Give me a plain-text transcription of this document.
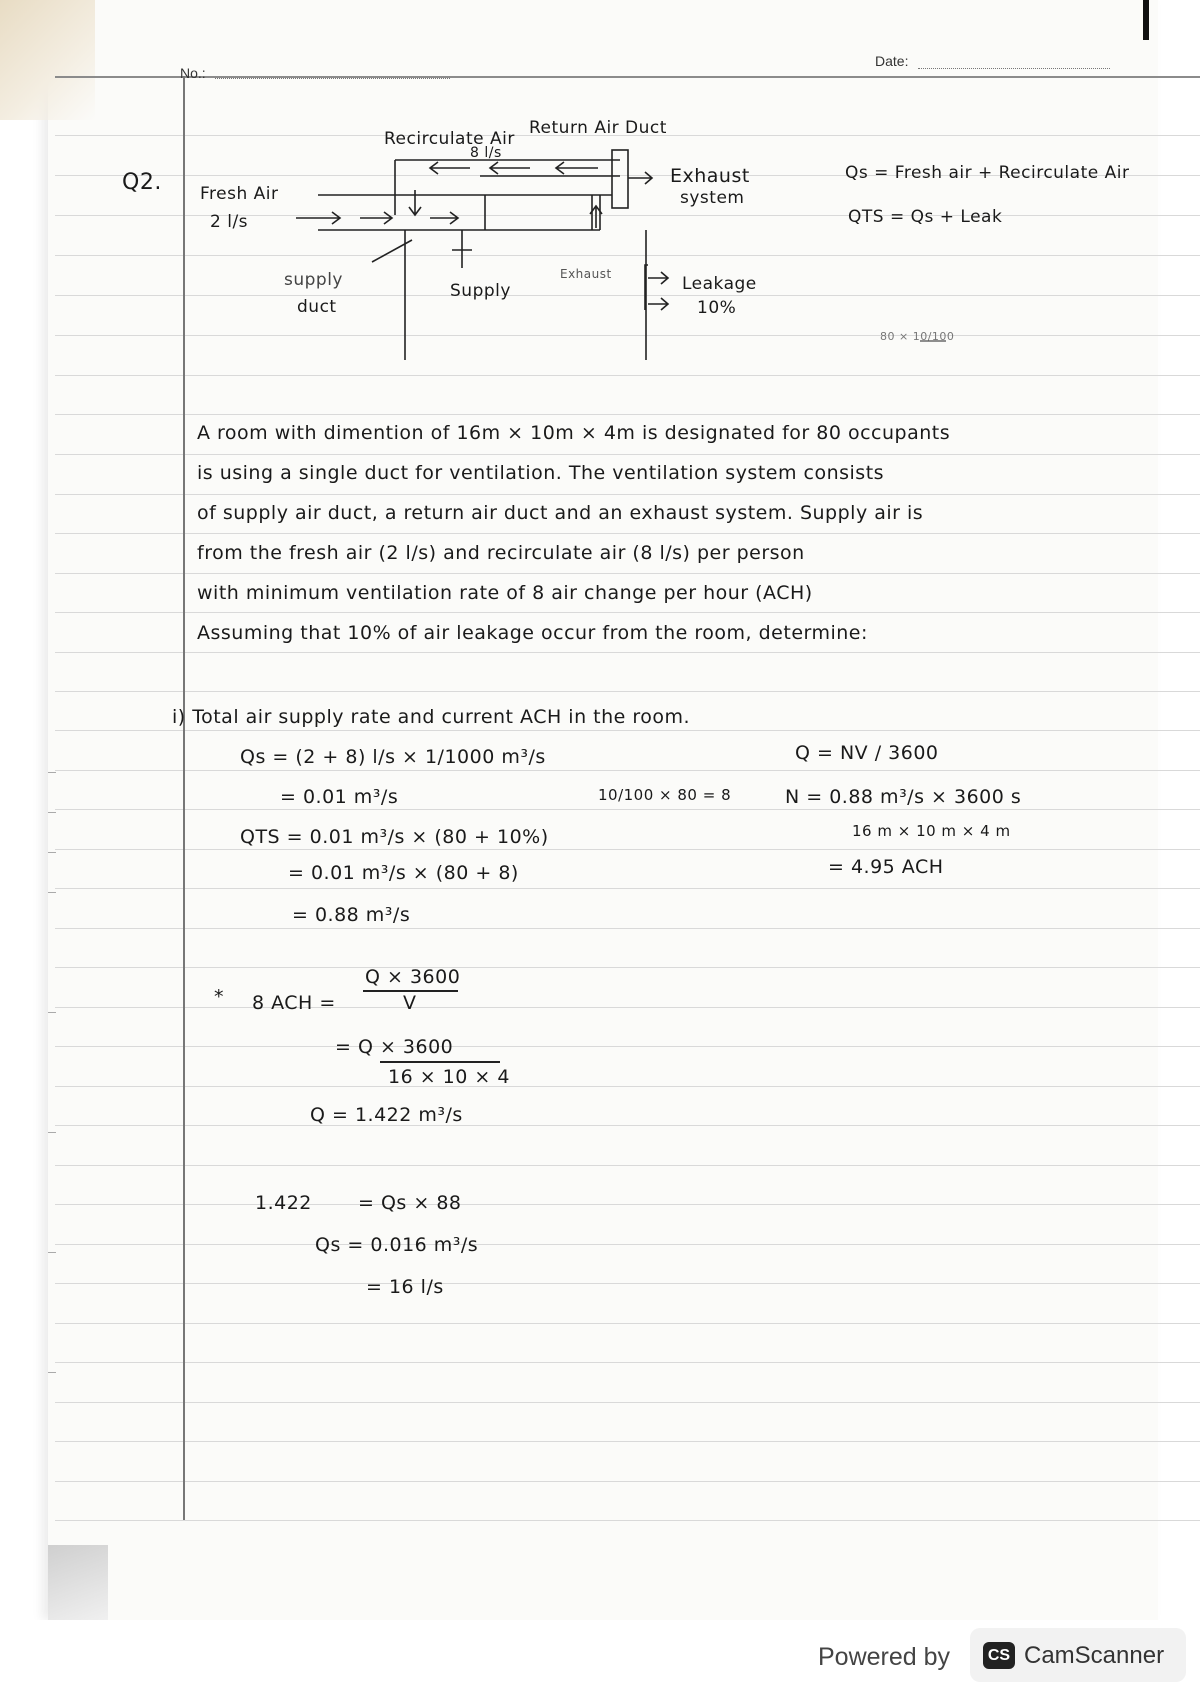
No.:
Date:
Q2.
Recirculate Air
8 l/s
Return Air Duct
Exhaust
system
Fresh Air
2 l/s
supply
duct
Supply
Exhaust	Leakage
10%
80 × 10/100
Qs = Fresh air + Recirculate Air
QTS = Qs + Leak
A room with dimention of 16m × 10m × 4m is designated for 80 occupants
is using a single duct for ventilation. The ventilation system consists
of supply air duct, a return air duct and an exhaust system. Supply air is
from the fresh air (2 l/s) and recirculate air (8 l/s) per person
with minimum ventilation rate of 8 air change per hour (ACH)
Assuming that 10% of air leakage occur from the room, determine:
i) Total air supply rate and current ACH in the room.
Qs = (2 + 8) l/s × 1/1000 m³/s
= 0.01 m³/s	10/100 × 80 = 8
QTS = 0.01 m³/s × (80 + 10%)
= 0.01 m³/s × (80 + 8)
= 0.88 m³/s
Q = NV / 3600
N = 0.88 m³/s × 3600 s
16 m × 10 m × 4 m
= 4.95 ACH
* 8 ACH =
Q × 3600
V
= Q × 3600
16 × 10 × 4
Q = 1.422 m³/s
1.422 = Qs × 88
Qs = 0.016 m³/s
= 16 l/s
Powered by	CS CamScanner
